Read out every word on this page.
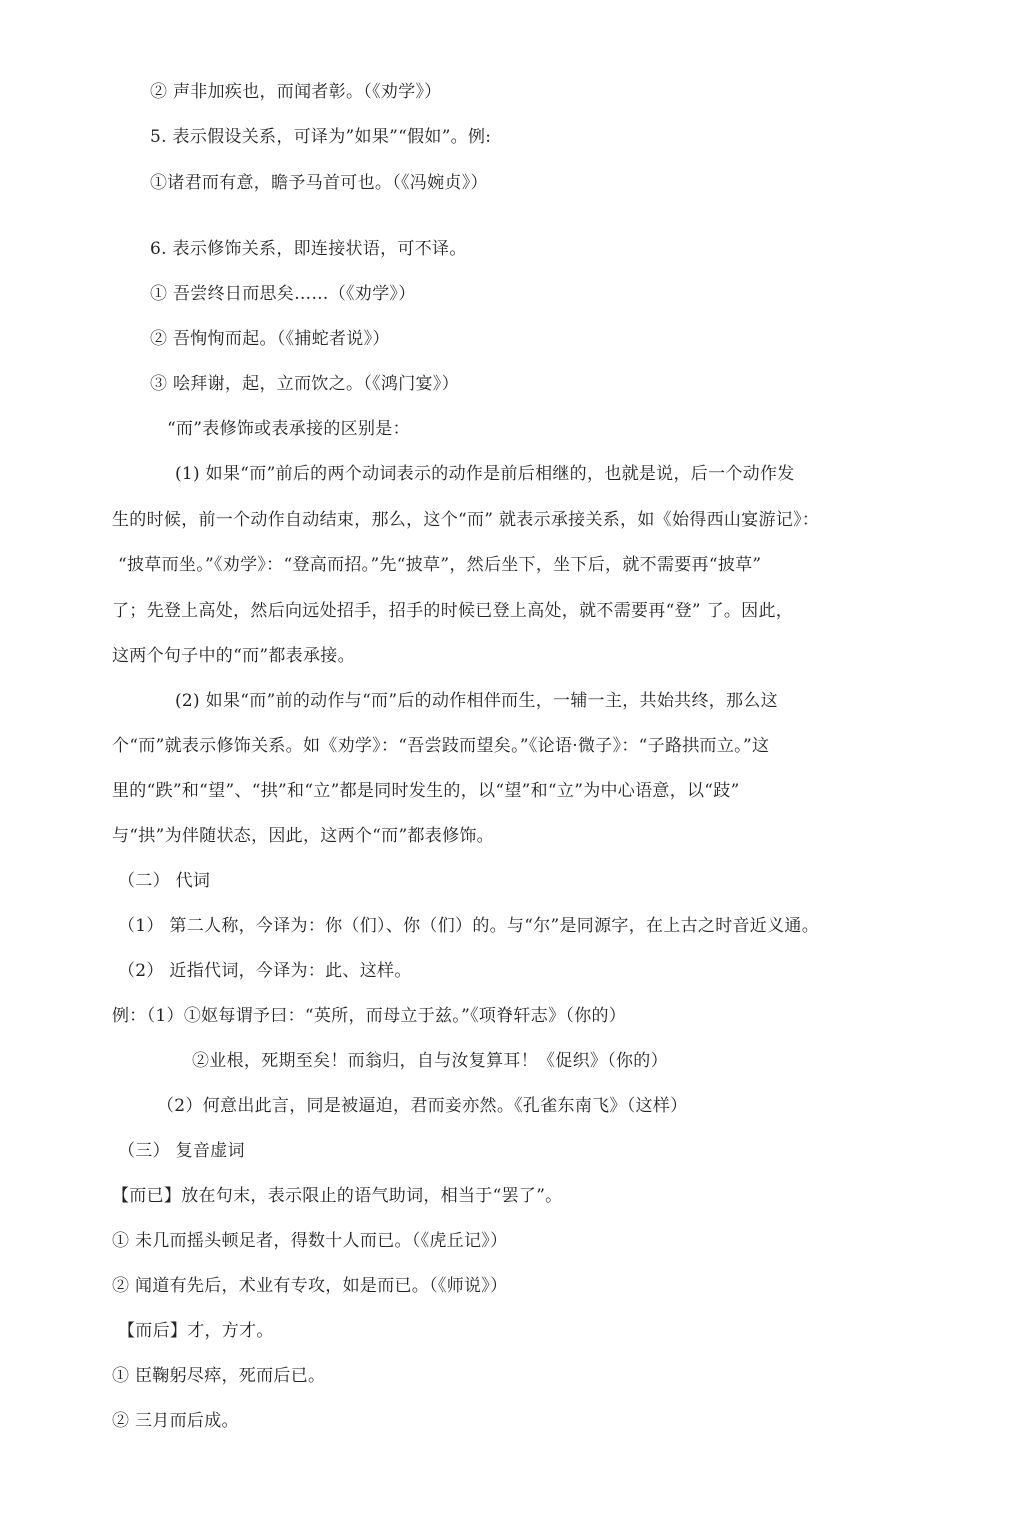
② 声非加疾也，而闻者彰。（《劝学》）
5. 表示假设关系，可译为”如果”“假如”。例:
①诸君而有意，瞻予马首可也。（《冯婉贞》）
6. 表示修饰关系，即连接状语，可不译。
① 吾尝终日而思矣……（《劝学》）
② 吾恂恂而起。（《捕蛇者说》）
③ 哙拜谢，起，立而饮之。（《鸿门宴》）
“而”表修饰或表承接的区别是：
(1) 如果“而”前后的两个动词表示的动作是前后相继的，也就是说，后一个动作发
生的时候，前一个动作自动结束，那么，这个“而” 就表示承接关系，如《始得西山宴游记》：
“披草而坐。”《劝学》：“登高而招。”先“披草”，然后坐下，坐下后，就不需要再“披草”
了；先登上高处，然后向远处招手，招手的时候已登上高处，就不需要再“登” 了。因此，
这两个句子中的“而”都表承接。
(2) 如果“而”前的动作与“而”后的动作相伴而生，一辅一主，共始共终，那么这
个“而”就表示修饰关系。如《劝学》：“吾尝跂而望矣。”《论语·微子》：“子路拱而立。”这
里的“跌”和“望”、“拱”和“立”都是同时发生的，以“望”和“立”为中心语意，以“跂”
与“拱”为伴随状态，因此，这两个“而”都表修饰。
（二） 代词
（1） 第二人称，今译为：你（们）、你（们）的。与“尔”是同源字，在上古之时音近义通。
（2） 近指代词，今译为：此、这样。
例：（1）①妪每谓予曰：“英所，而母立于兹。”《项脊轩志》（你的）
②业根，死期至矣！而翁归，自与汝复算耳！《促织》（你的）
（2）何意出此言，同是被逼迫，君而妾亦然。《孔雀东南飞》（这样）
（三） 复音虚词
【而已】放在句末，表示限止的语气助词，相当于“罢了”。
① 未几而摇头顿足者，得数十人而已。（《虎丘记》）
② 闻道有先后，术业有专攻，如是而已。（《师说》）
【而后】才，方才。
① 臣鞠躬尽瘁，死而后已。
② 三月而后成。
